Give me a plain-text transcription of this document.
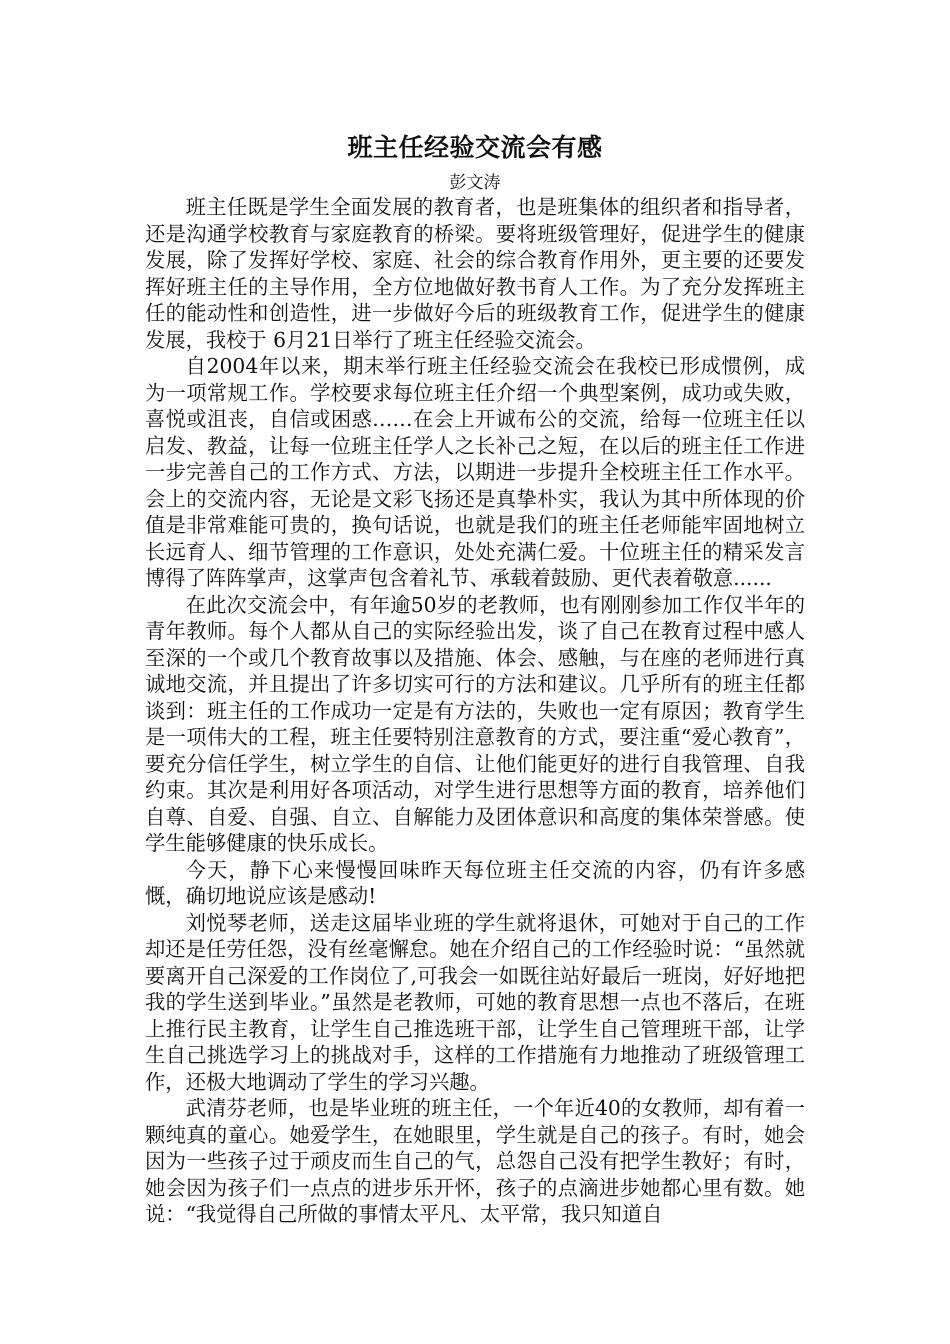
班主任经验交流会有感

彭文涛

班主任既是学生全面发展的教育者，也是班集体的组织者和指导者，还是沟通学校教育与家庭教育的桥梁。要将班级管理好，促进学生的健康发展，除了发挥好学校、家庭、社会的综合教育作用外，更主要的还要发挥好班主任的主导作用，全方位地做好教书育人工作。为了充分发挥班主任的能动性和创造性，进一步做好今后的班级教育工作，促进学生的健康发展，我校于 6月21日举行了班主任经验交流会。

自2004年以来，期末举行班主任经验交流会在我校已形成惯例，成为一项常规工作。学校要求每位班主任介绍一个典型案例，成功或失败，喜悦或沮丧，自信或困惑……在会上开诚布公的交流，给每一位班主任以启发、教益，让每一位班主任学人之长补己之短，在以后的班主任工作进一步完善自己的工作方式、方法，以期进一步提升全校班主任工作水平。会上的交流内容，无论是文彩飞扬还是真挚朴实，我认为其中所体现的价值是非常难能可贵的，换句话说，也就是我们的班主任老师能牢固地树立长远育人、细节管理的工作意识，处处充满仁爱。十位班主任的精采发言博得了阵阵掌声，这掌声包含着礼节、承载着鼓励、更代表着敬意......

在此次交流会中，有年逾50岁的老教师，也有刚刚参加工作仅半年的青年教师。每个人都从自己的实际经验出发，谈了自己在教育过程中感人至深的一个或几个教育故事以及措施、体会、感触，与在座的老师进行真诚地交流，并且提出了许多切实可行的方法和建议。几乎所有的班主任都谈到：班主任的工作成功一定是有方法的，失败也一定有原因；教育学生是一项伟大的工程，班主任要特别注意教育的方式，要注重“爱心教育”，要充分信任学生，树立学生的自信、让他们能更好的进行自我管理、自我约束。其次是利用好各项活动，对学生进行思想等方面的教育，培养他们自尊、自爱、自强、自立、自解能力及团体意识和高度的集体荣誉感。使学生能够健康的快乐成长。

今天，静下心来慢慢回味昨天每位班主任交流的内容，仍有许多感慨，确切地说应该是感动!

刘悦琴老师，送走这届毕业班的学生就将退休，可她对于自己的工作却还是任劳任怨，没有丝毫懈怠。她在介绍自己的工作经验时说：“虽然就要离开自己深爱的工作岗位了,可我会一如既往站好最后一班岗，好好地把我的学生送到毕业。”虽然是老教师，可她的教育思想一点也不落后，在班上推行民主教育，让学生自己推选班干部，让学生自己管理班干部，让学生自己挑选学习上的挑战对手，这样的工作措施有力地推动了班级管理工作，还极大地调动了学生的学习兴趣。

武清芬老师，也是毕业班的班主任，一个年近40的女教师，却有着一颗纯真的童心。她爱学生，在她眼里，学生就是自己的孩子。有时，她会因为一些孩子过于顽皮而生自己的气，总怨自己没有把学生教好；有时，她会因为孩子们一点点的进步乐开怀，孩子的点滴进步她都心里有数。她说：“我觉得自己所做的事情太平凡、太平常，我只知道自
